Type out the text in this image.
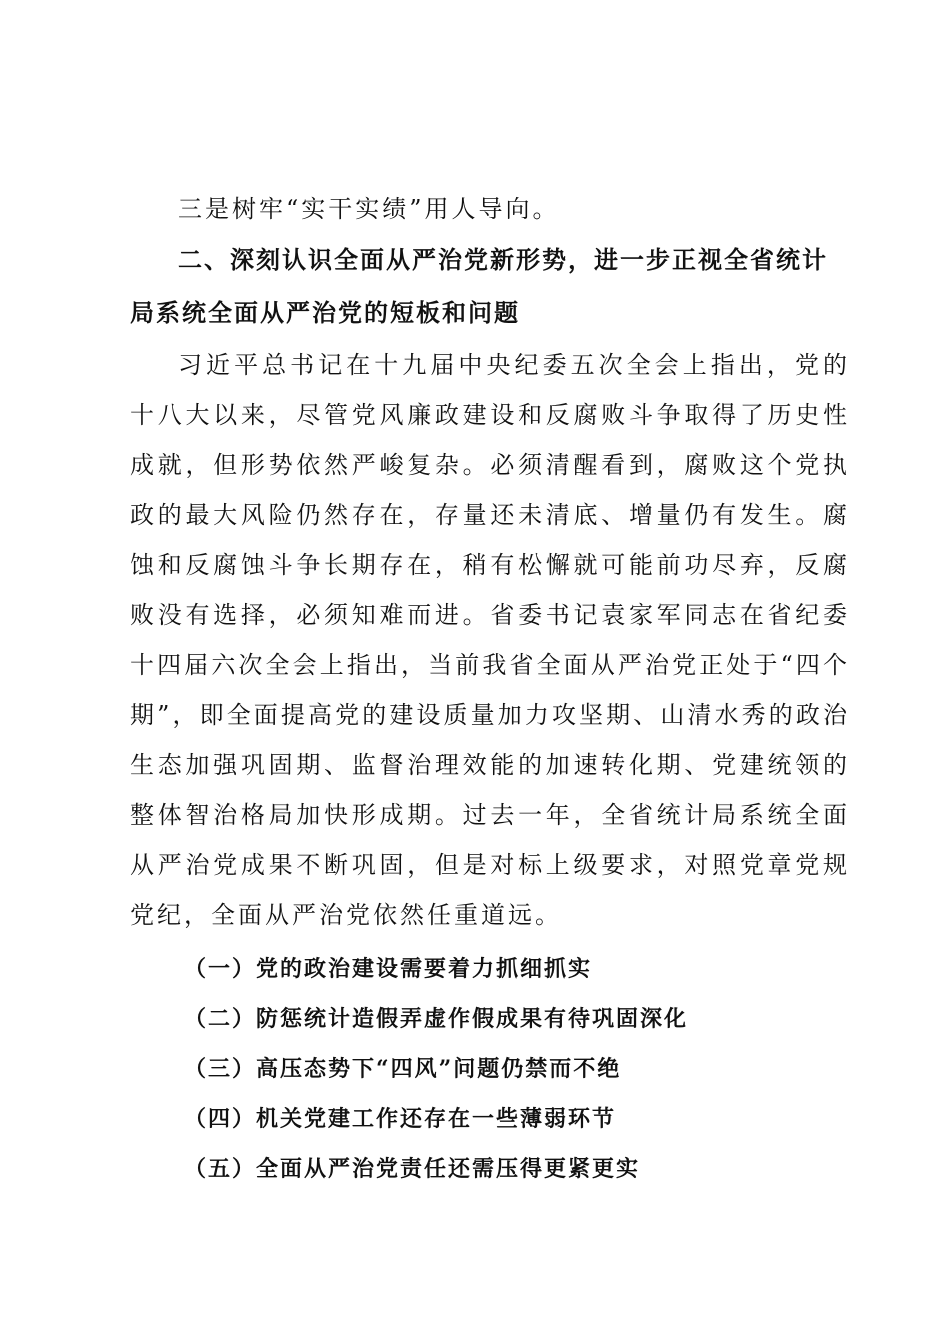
三是树牢“实干实绩”用人导向。

二、深刻认识全面从严治党新形势，进一步正视全省统计局系统全面从严治党的短板和问题

习近平总书记在十九届中央纪委五次全会上指出，党的十八大以来，尽管党风廉政建设和反腐败斗争取得了历史性成就，但形势依然严峻复杂。必须清醒看到，腐败这个党执政的最大风险仍然存在，存量还未清底、增量仍有发生。腐蚀和反腐蚀斗争长期存在，稍有松懈就可能前功尽弃，反腐败没有选择，必须知难而进。省委书记袁家军同志在省纪委十四届六次全会上指出，当前我省全面从严治党正处于“四个期”，即全面提高党的建设质量加力攻坚期、山清水秀的政治生态加强巩固期、监督治理效能的加速转化期、党建统领的整体智治格局加快形成期。过去一年，全省统计局系统全面从严治党成果不断巩固，但是对标上级要求，对照党章党规党纪，全面从严治党依然任重道远。

（一）党的政治建设需要着力抓细抓实

（二）防惩统计造假弄虚作假成果有待巩固深化

（三）高压态势下“四风”问题仍禁而不绝

（四）机关党建工作还存在一些薄弱环节

（五）全面从严治党责任还需压得更紧更实
